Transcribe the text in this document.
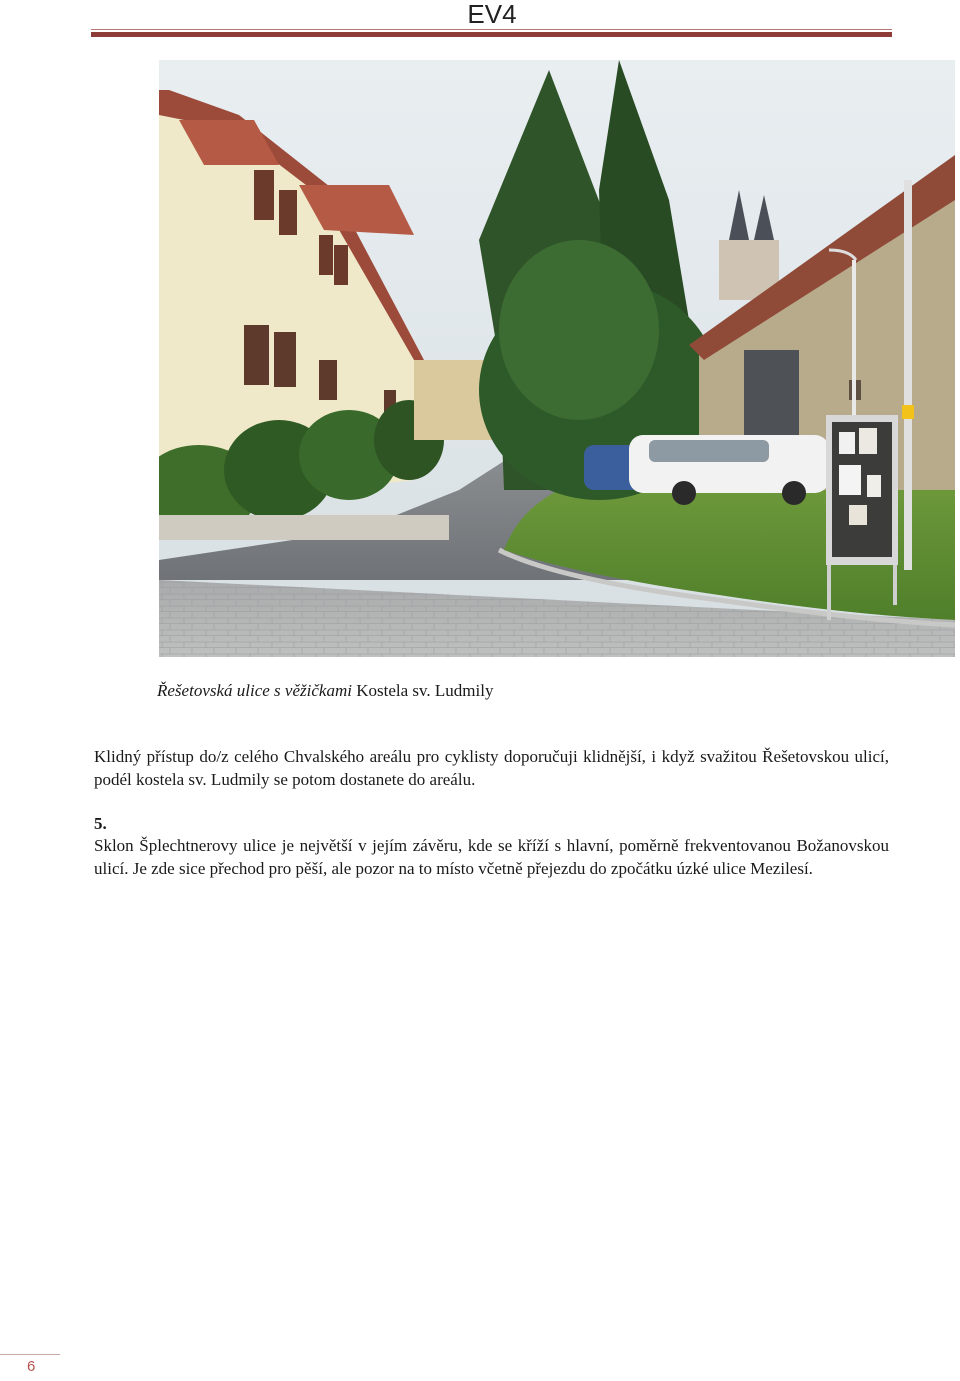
EV4
Řešetovská ulice s věžičkami Kostela sv. Ludmily

Klidný přístup do/z celého Chvalského areálu pro cyklisty doporučuji klidnější, i když svažitou Řešetovskou ulicí, podél kostela sv. Ludmily se potom dostanete do areálu.

5.

Sklon Šplechtnerovy ulice je největší v jejím závěru, kde se kříží s hlavní, poměrně frekventovanou Božanovskou ulicí. Je zde sice přechod pro pěší, ale pozor na to místo včetně přejezdu do zpočátku úzké ulice Mezilesí.

6
